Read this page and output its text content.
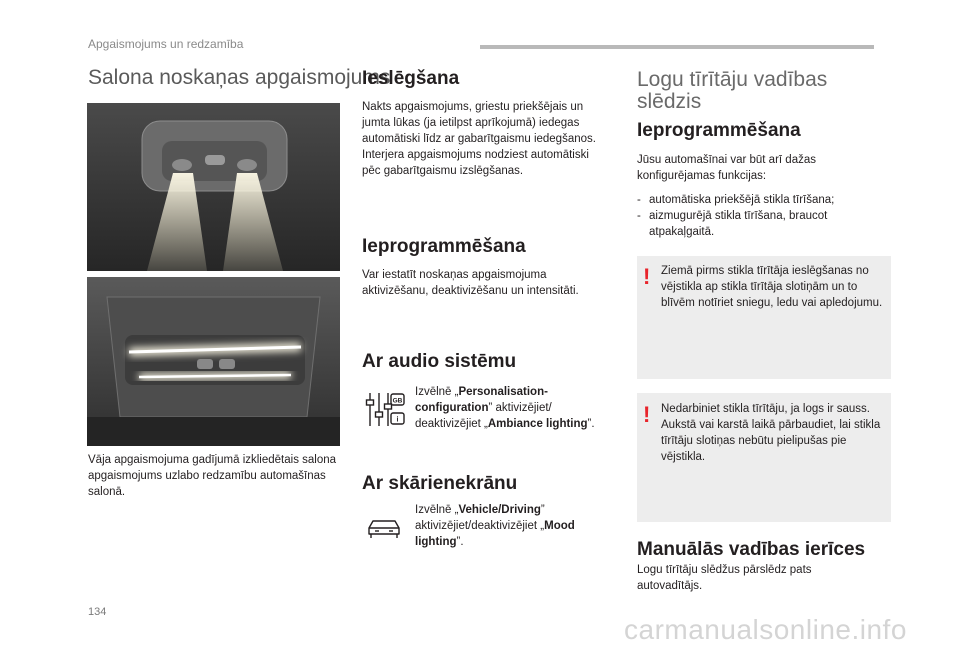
Apgaismojums un redzamība
Salona noskaņas apgaismojums
Vāja apgaismojuma gadījumā izkliedētais salona apgaismojums uzlabo redzamību automašīnas salonā.
Ieslēgšana
Nakts apgaismojums, griestu priekšējais un jumta lūkas (ja ietilpst aprīkojumā) iedegas automātiski līdz ar gabarītgaismu iedegšanos. Interjera apgaismojums nodziest automātiski pēc gabarītgaismu izslēgšanas.
Ieprogrammēšana
Var iestatīt noskaņas apgaismojuma aktivizēšanu, deaktivizēšanu un intensitāti.
Ar audio sistēmu
GB
i
Izvēlnē „Personalisation-configuration” aktivizējiet/ deaktivizējiet „Ambiance lighting”.
Ar skārienekrānu
Izvēlnē „Vehicle/Driving” aktivizējiet/deaktivizējiet „Mood lighting”.
Logu tīrītāju vadības
slēdzis
Ieprogrammēšana
Jūsu automašīnai var būt arī dažas konfigurējamas funkcijas:
- automātiska priekšējā stikla tīrīšana;
- aizmugurējā stikla tīrīšana, braucot atpakaļgaitā.
! Ziemā pirms stikla tīrītāja ieslēgšanas no vējstikla ap stikla tīrītāja slotiņām un to blīvēm notīriet sniegu, ledu vai apledojumu.
! Nedarbiniet stikla tīrītāju, ja logs ir sauss. Aukstā vai karstā laikā pārbaudiet, lai stikla tīrītāju slotiņas nebūtu pielipušas pie vējstikla.
Manuālās vadības ierīces
Logu tīrītāju slēdžus pārslēdz pats autovadītājs.
134
carmanualsonline.info
